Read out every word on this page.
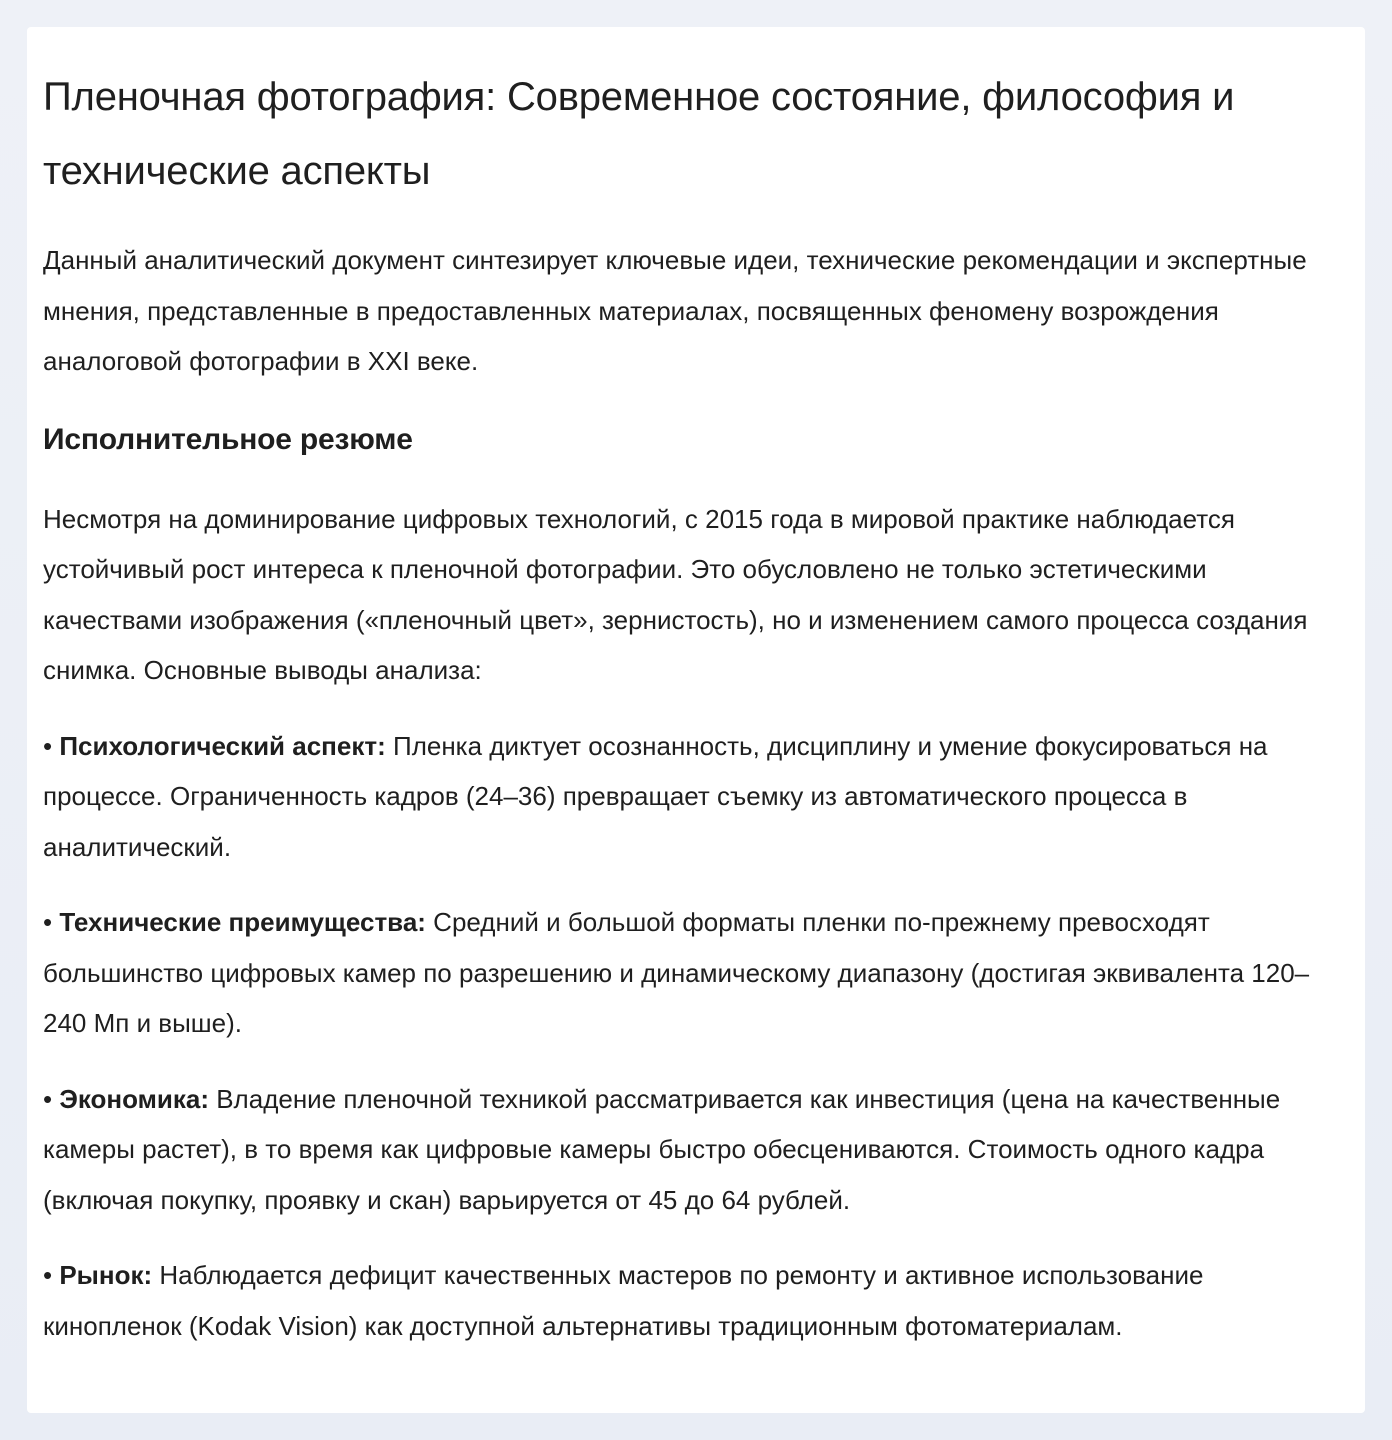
Пленочная фотография: Современное состояние, философия и технические аспекты

Данный аналитический документ синтезирует ключевые идеи, технические рекомендации и экспертные мнения, представленные в предоставленных материалах, посвященных феномену возрождения аналоговой фотографии в XXI веке.

Исполнительное резюме

Несмотря на доминирование цифровых технологий, с 2015 года в мировой практике наблюдается устойчивый рост интереса к пленочной фотографии. Это обусловлено не только эстетическими качествами изображения («пленочный цвет», зернистость), но и изменением самого процесса создания снимка. Основные выводы анализа:

• Психологический аспект: Пленка диктует осознанность, дисциплину и умение фокусироваться на процессе. Ограниченность кадров (24–36) превращает съемку из автоматического процесса в аналитический.

• Технические преимущества: Средний и большой форматы пленки по-прежнему превосходят большинство цифровых камер по разрешению и динамическому диапазону (достигая эквивалента 120–240 Мп и выше).

• Экономика: Владение пленочной техникой рассматривается как инвестиция (цена на качественные камеры растет), в то время как цифровые камеры быстро обесцениваются. Стоимость одного кадра (включая покупку, проявку и скан) варьируется от 45 до 64 рублей.

• Рынок: Наблюдается дефицит качественных мастеров по ремонту и активное использование кинопленок (Kodak Vision) как доступной альтернативы традиционным фотоматериалам.
